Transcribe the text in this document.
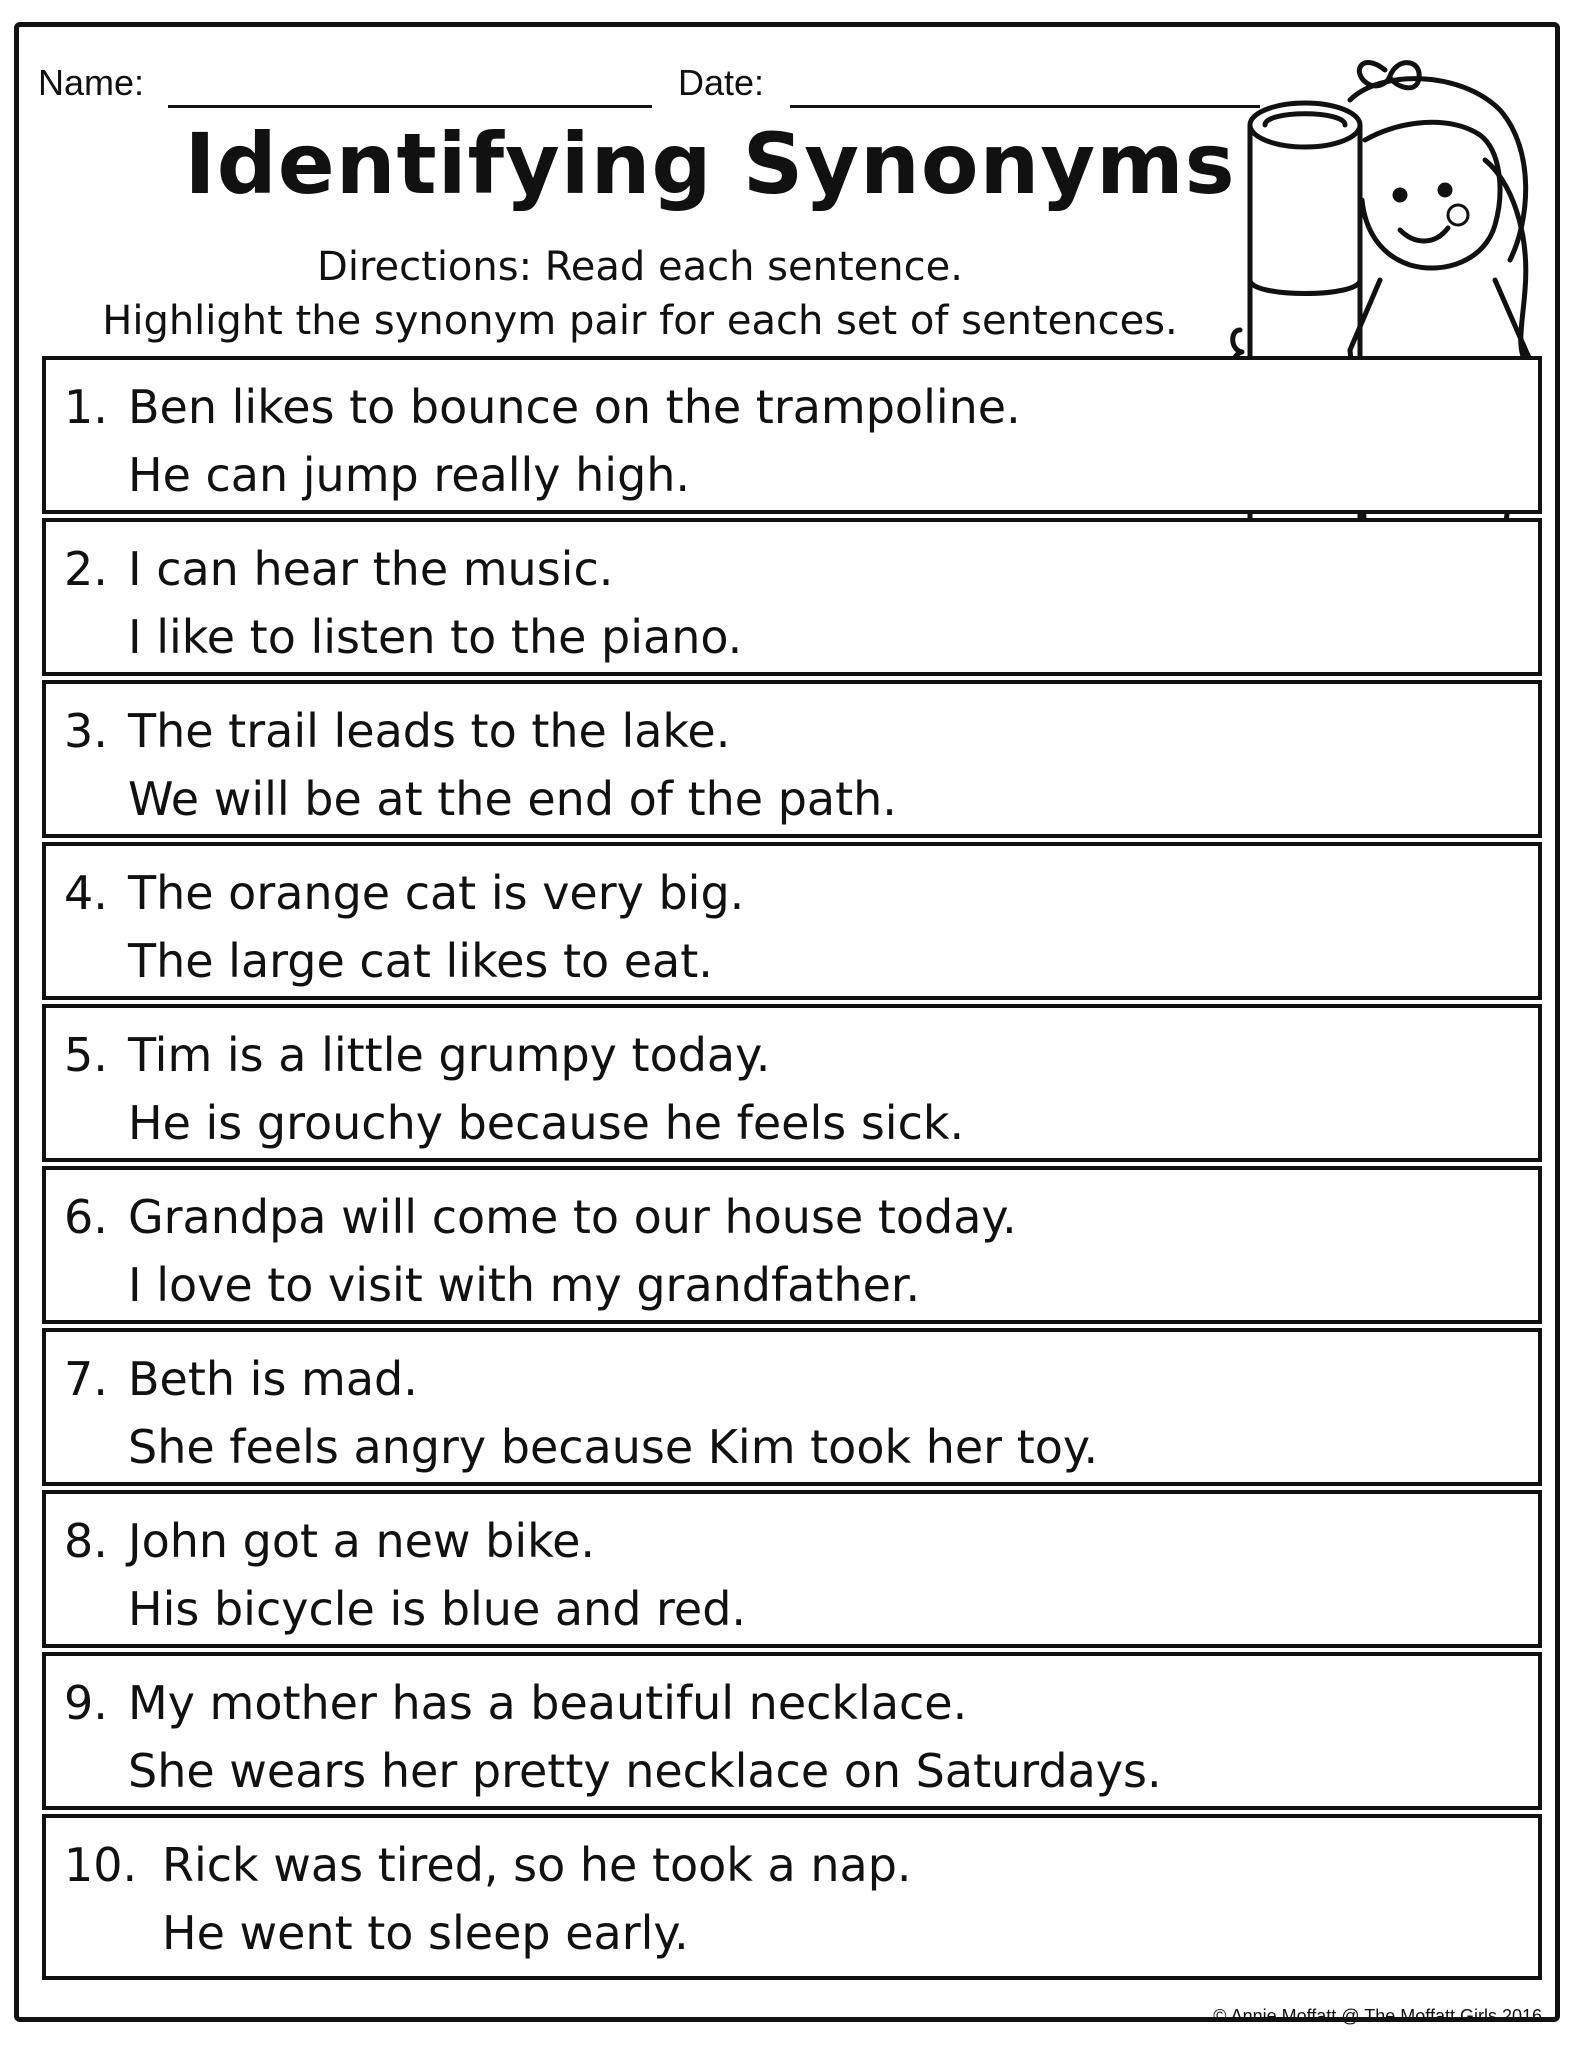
Name:	Date:
Identifying Synonyms
Directions: Read each sentence.
Highlight the synonym pair for each set of sentences.
1. Ben likes to bounce on the trampoline.
He can jump really high.
2. I can hear the music.
I like to listen to the piano.
3. The trail leads to the lake.
We will be at the end of the path.
4. The orange cat is very big.
The large cat likes to eat.
5. Tim is a little grumpy today.
He is grouchy because he feels sick.
6. Grandpa will come to our house today.
I love to visit with my grandfather.
7. Beth is mad.
She feels angry because Kim took her toy.
8. John got a new bike.
His bicycle is blue and red.
9. My mother has a beautiful necklace.
She wears her pretty necklace on Saturdays.
10. Rick was tired, so he took a nap.
He went to sleep early.
© Annie Moffatt @ The Moffatt Girls 2016
